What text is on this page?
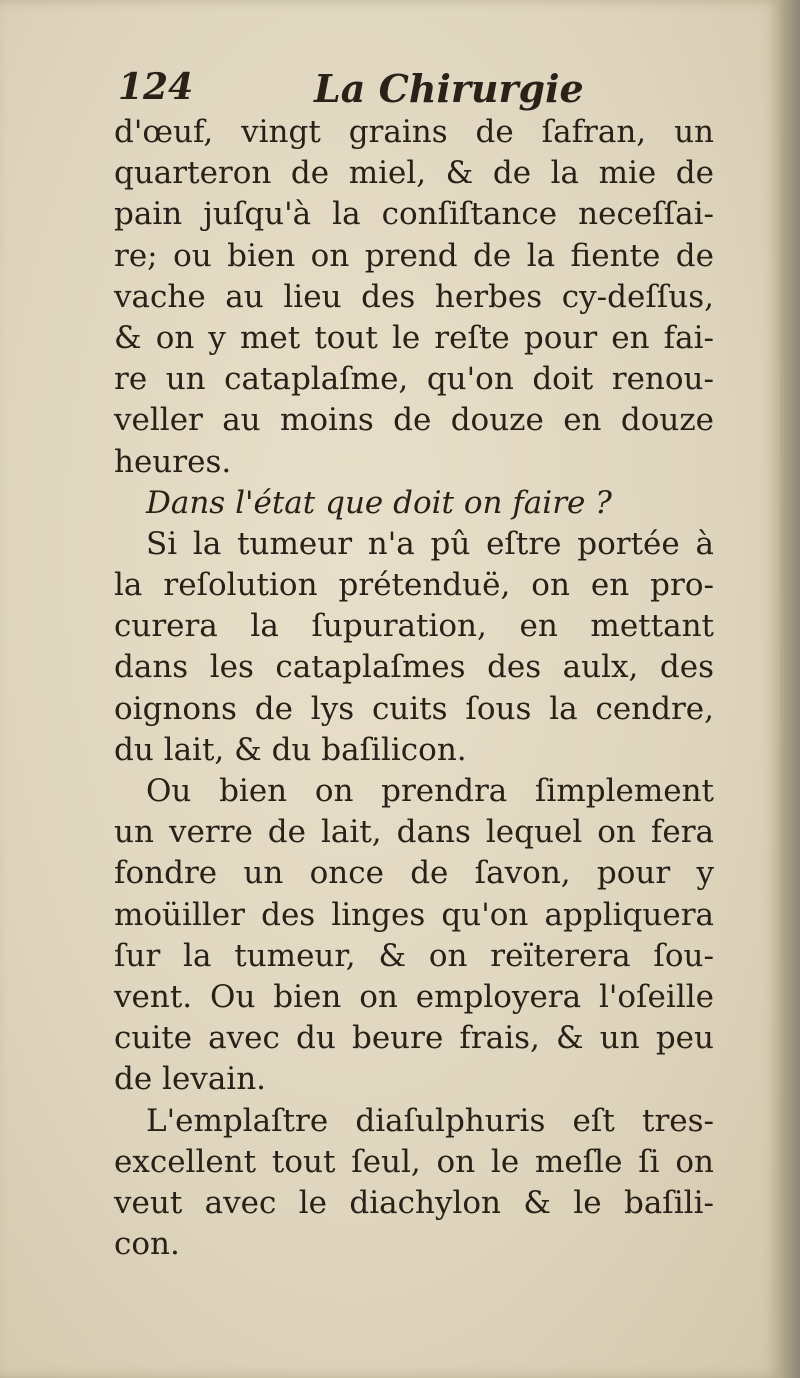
124	La Chirurgie
d'œuf, vingt grains de ſafran, un
quarteron de miel, & de la mie de
pain juſqu'à la conſiſtance neceſſai-
re; ou bien on prend de la fiente de
vache au lieu des herbes cy-deſſus,
& on y met tout le reſte pour en fai-
re un cataplaſme, qu'on doit renou-
veller au moins de douze en douze
heures.
Dans l'état que doit on faire ?
Si la tumeur n'a pû eſtre portée à
la reſolution prétenduë, on en pro-
curera la ſupuration, en mettant
dans les cataplaſmes des aulx, des
oignons de lys cuits ſous la cendre,
du lait, & du baſilicon.
Ou bien on prendra ſimplement
un verre de lait, dans lequel on fera
fondre un once de ſavon, pour y
moüiller des linges qu'on appliquera
ſur la tumeur, & on reïterera ſou-
vent. Ou bien on employera l'oſeille
cuite avec du beure frais, & un peu
de levain.
L'emplaſtre diaſulphuris eſt tres-
excellent tout ſeul, on le meſle ſi on
veut avec le diachylon & le baſili-
con.
